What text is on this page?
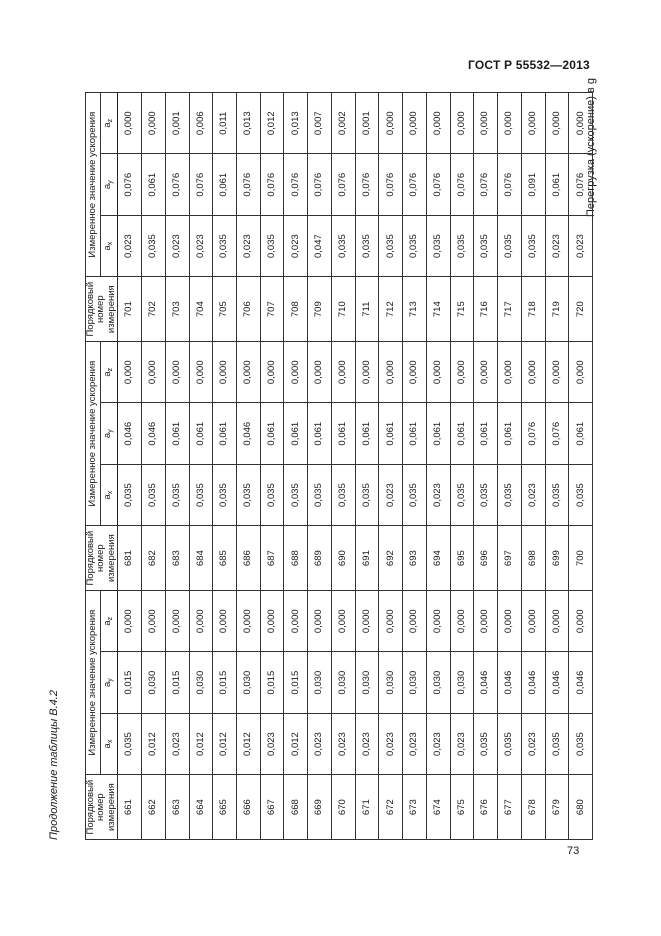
ГОСТ Р 55532—2013
Продолжение таблицы В.4.2
Перегрузка (ускорение) в g
Порядковый номер измерения	Измеренное значение ускорения			Порядковый номер измерения	Измеренное значение ускорения			Порядковый номер измерения	Измеренное значение ускорения		
	$a_x$	$a_y$	$a_z$		$a_x$	$a_y$	$a_z$		$a_x$	$a_y$	$a_z$
661	0,035	0,015	0,000	681	0,035	0,046	0,000	701	0,023	0,076	0,000
662	0,012	0,030	0,000	682	0,035	0,046	0,000	702	0,035	0,061	0,000
663	0,023	0,015	0,000	683	0,035	0,061	0,000	703	0,023	0,076	0,001
664	0,012	0,030	0,000	684	0,035	0,061	0,000	704	0,023	0,076	0,006
665	0,012	0,015	0,000	685	0,035	0,061	0,000	705	0,035	0,061	0,011
666	0,012	0,030	0,000	686	0,035	0,046	0,000	706	0,023	0,076	0,013
667	0,023	0,015	0,000	687	0,035	0,061	0,000	707	0,035	0,076	0,012
668	0,012	0,015	0,000	688	0,035	0,061	0,000	708	0,023	0,076	0,013
669	0,023	0,030	0,000	689	0,035	0,061	0,000	709	0,047	0,076	0,007
670	0,023	0,030	0,000	690	0,035	0,061	0,000	710	0,035	0,076	0,002
671	0,023	0,030	0,000	691	0,035	0,061	0,000	711	0,035	0,076	0,001
672	0,023	0,030	0,000	692	0,023	0,061	0,000	712	0,035	0,076	0,000
673	0,023	0,030	0,000	693	0,035	0,061	0,000	713	0,035	0,076	0,000
674	0,023	0,030	0,000	694	0,023	0,061	0,000	714	0,035	0,076	0,000
675	0,023	0,030	0,000	695	0,035	0,061	0,000	715	0,035	0,076	0,000
676	0,035	0,046	0,000	696	0,035	0,061	0,000	716	0,035	0,076	0,000
677	0,035	0,046	0,000	697	0,035	0,061	0,000	717	0,035	0,076	0,000
678	0,023	0,046	0,000	698	0,023	0,076	0,000	718	0,035	0,091	0,000
679	0,035	0,046	0,000	699	0,035	0,076	0,000	719	0,023	0,061	0,000
680	0,035	0,046	0,000	700	0,035	0,061	0,000	720	0,023	0,076	0,000
73
